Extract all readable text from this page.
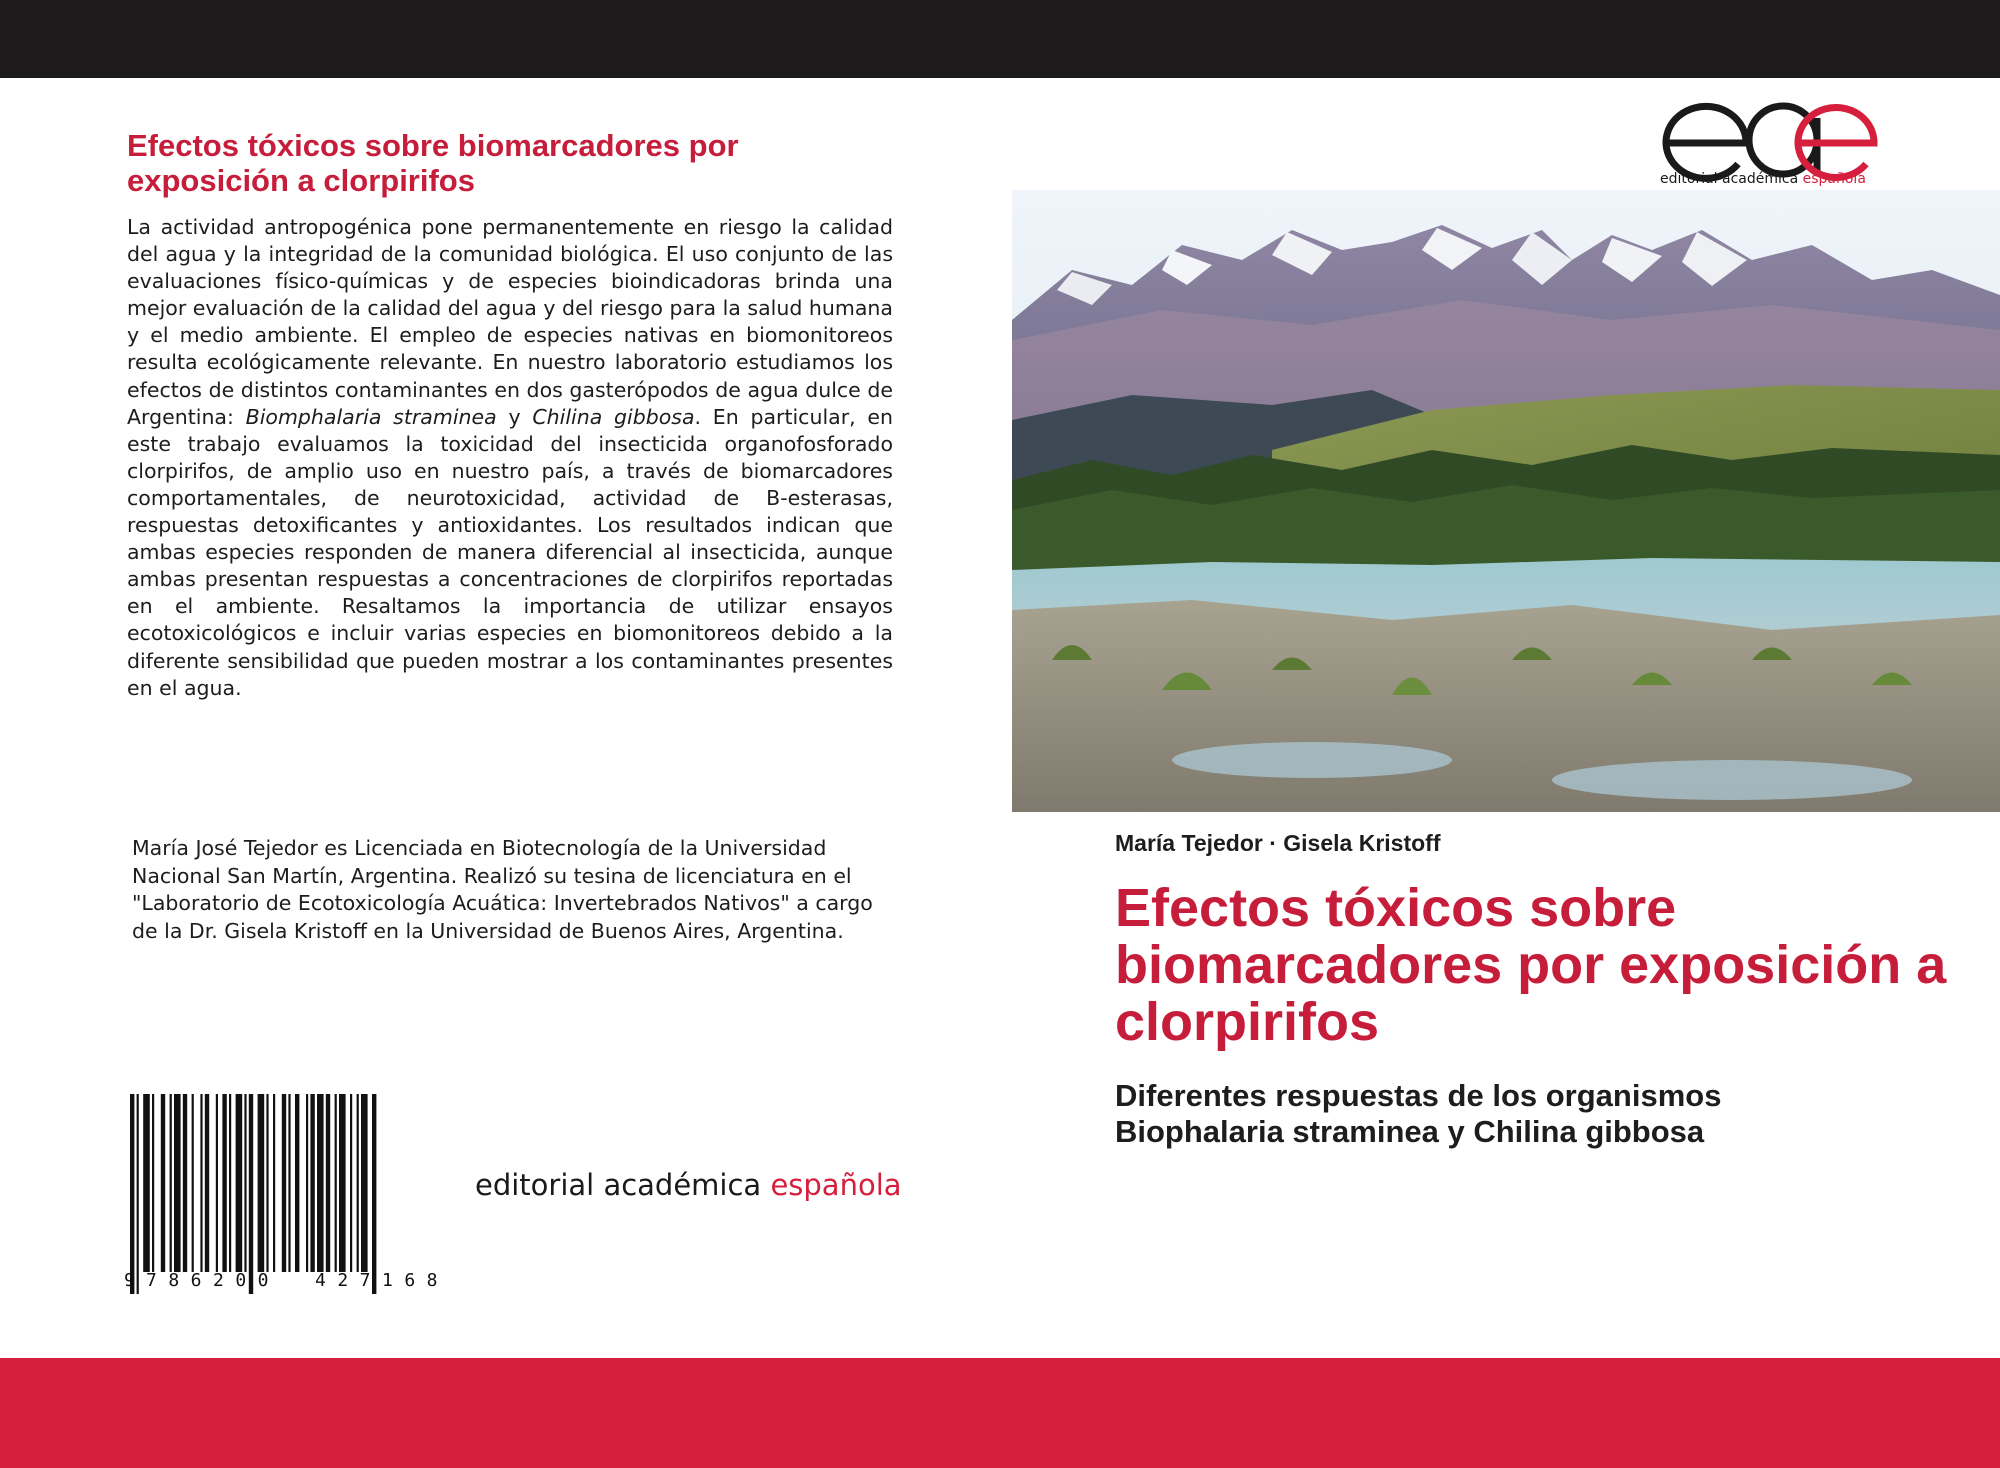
Efectos tóxicos sobre biomarcadores por exposición a clorpirifos
La actividad antropogénica pone permanentemente en riesgo la calidad del agua y la integridad de la comunidad biológica. El uso conjunto de las evaluaciones físico-químicas y de especies bioindicadoras brinda una mejor evaluación de la calidad del agua y del riesgo para la salud humana y el medio ambiente. El empleo de especies nativas en biomonitoreos resulta ecológicamente relevante. En nuestro laboratorio estudiamos los efectos de distintos contaminantes en dos gasterópodos de agua dulce de Argentina: Biomphalaria straminea y Chilina gibbosa. En particular, en este trabajo evaluamos la toxicidad del insecticida organofosforado clorpirifos, de amplio uso en nuestro país, a través de biomarcadores comportamentales, de neurotoxicidad, actividad de B-esterasas, respuestas detoxificantes y antioxidantes. Los resultados indican que ambas especies responden de manera diferencial al insecticida, aunque ambas presentan respuestas a concentraciones de clorpirifos reportadas en el ambiente. Resaltamos la importancia de utilizar ensayos ecotoxicológicos e incluir varias especies en biomonitoreos debido a la diferente sensibilidad que pueden mostrar a los contaminantes presentes en el agua.
María José Tejedor es Licenciada en Biotecnología de la Universidad Nacional San Martín, Argentina. Realizó su tesina de licenciatura en el "Laboratorio de Ecotoxicología Acuática: Invertebrados Nativos" a cargo de la Dr. Gisela Kristoff en la Universidad de Buenos Aires, Argentina.
9 786200 427168
editorial académica española
editorial académica española
María Tejedor · Gisela Kristoff
Efectos tóxicos sobre biomarcadores por exposición a clorpirifos
Diferentes respuestas de los organismos Biophalaria straminea y Chilina gibbosa
